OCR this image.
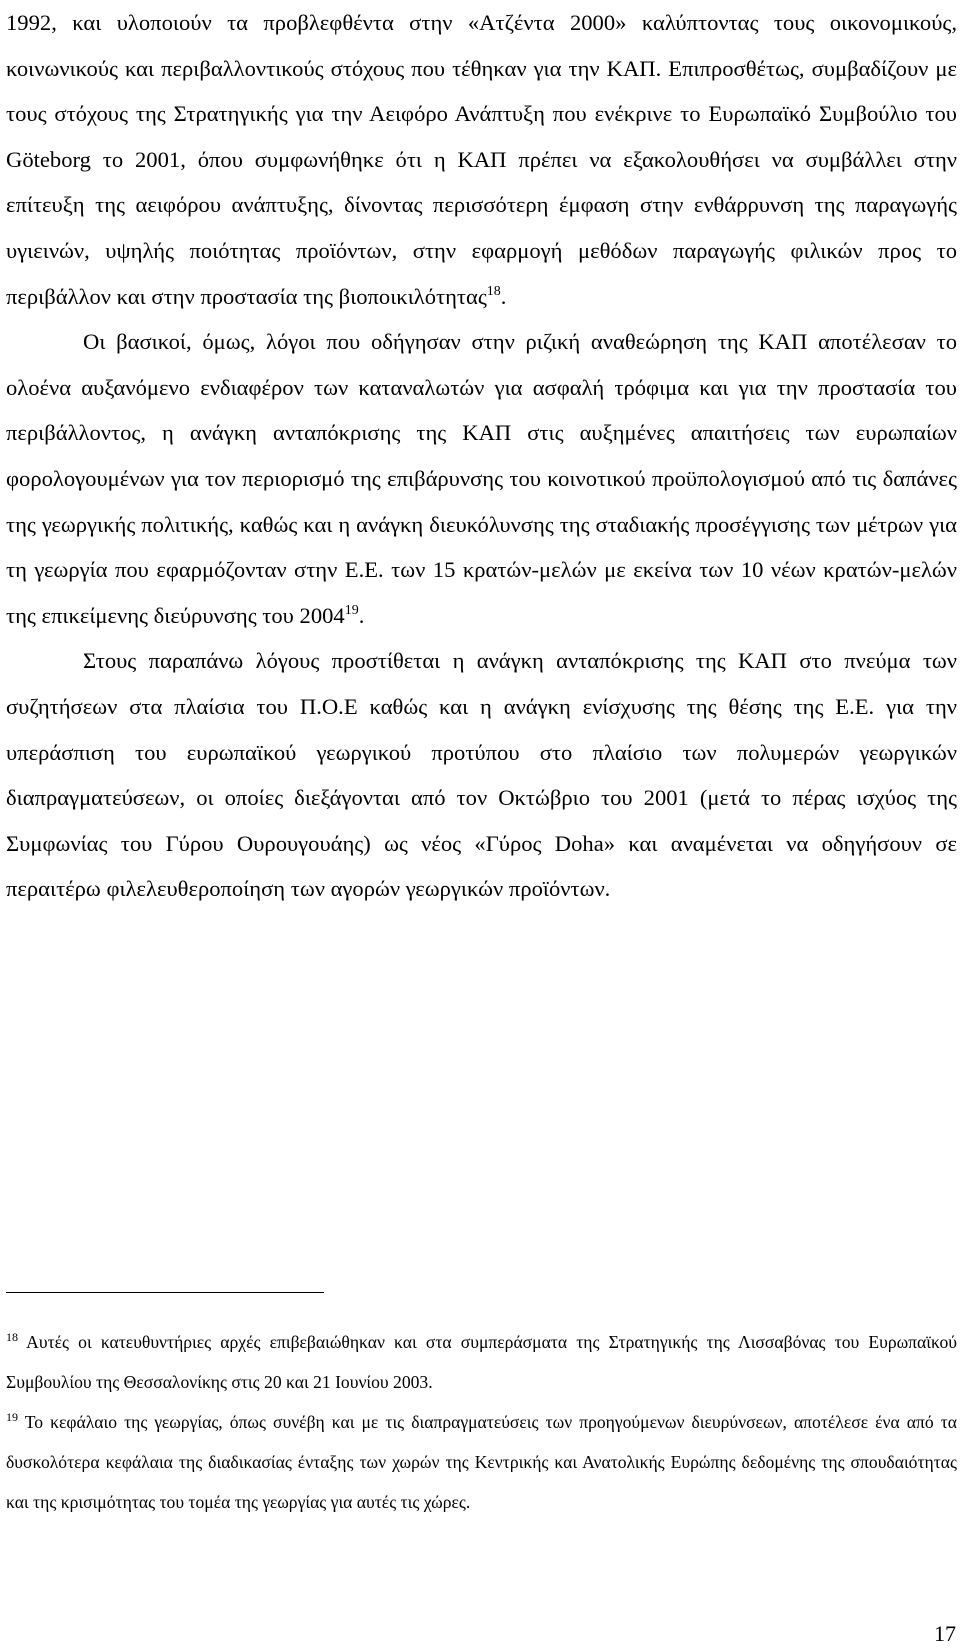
1992, και υλοποιούν τα προβλεφθέντα στην «Ατζέντα 2000» καλύπτοντας τους οικονομικούς, κοινωνικούς και περιβαλλοντικούς στόχους που τέθηκαν για την ΚΑΠ. Επιπροσθέτως, συμβαδίζουν με τους στόχους της Στρατηγικής για την Αειφόρο Ανάπτυξη που ενέκρινε το Ευρωπαϊκό Συμβούλιο του Göteborg το 2001, όπου συμφωνήθηκε ότι η ΚΑΠ πρέπει να εξακολουθήσει να συμβάλλει στην επίτευξη της αειφόρου ανάπτυξης, δίνοντας περισσότερη έμφαση στην ενθάρρυνση της παραγωγής υγιεινών, υψηλής ποιότητας προϊόντων, στην εφαρμογή μεθόδων παραγωγής φιλικών προς το περιβάλλον και στην προστασία της βιοποικιλότητας$^{18}$.

Οι βασικοί, όμως, λόγοι που οδήγησαν στην ριζική αναθεώρηση της ΚΑΠ αποτέλεσαν το ολοένα αυξανόμενο ενδιαφέρον των καταναλωτών για ασφαλή τρόφιμα και για την προστασία του περιβάλλοντος, η ανάγκη ανταπόκρισης της ΚΑΠ στις αυξημένες απαιτήσεις των ευρωπαίων φορολογουμένων για τον περιορισμό της επιβάρυνσης του κοινοτικού προϋπολογισμού από τις δαπάνες της γεωργικής πολιτικής, καθώς και η ανάγκη διευκόλυνσης της σταδιακής προσέγγισης των μέτρων για τη γεωργία που εφαρμόζονταν στην Ε.Ε. των 15 κρατών-μελών με εκείνα των 10 νέων κρατών-μελών της επικείμενης διεύρυνσης του 2004$^{19}$.

Στους παραπάνω λόγους προστίθεται η ανάγκη ανταπόκρισης της ΚΑΠ στο πνεύμα των συζητήσεων στα πλαίσια του Π.Ο.Ε καθώς και η ανάγκη ενίσχυσης της θέσης της Ε.Ε. για την υπεράσπιση του ευρωπαϊκού γεωργικού προτύπου στο πλαίσιο των πολυμερών γεωργικών διαπραγματεύσεων, οι οποίες διεξάγονται από τον Οκτώβριο του 2001 (μετά το πέρας ισχύος της Συμφωνίας του Γύρου Ουρουγουάης) ως νέος «Γύρος Doha» και αναμένεται να οδηγήσουν σε περαιτέρω φιλελευθεροποίηση των αγορών γεωργικών προϊόντων.

$^{18}$ Αυτές οι κατευθυντήριες αρχές επιβεβαιώθηκαν και στα συμπεράσματα της Στρατηγικής της Λισσαβόνας του Ευρωπαϊκού Συμβουλίου της Θεσσαλονίκης στις 20 και 21 Ιουνίου 2003.

$^{19}$ Το κεφάλαιο της γεωργίας, όπως συνέβη και με τις διαπραγματεύσεις των προηγούμενων διευρύνσεων, αποτέλεσε ένα από τα δυσκολότερα κεφάλαια της διαδικασίας ένταξης των χωρών της Κεντρικής και Ανατολικής Ευρώπης δεδομένης της σπουδαιότητας και της κρισιμότητας του τομέα της γεωργίας για αυτές τις χώρες.

17
